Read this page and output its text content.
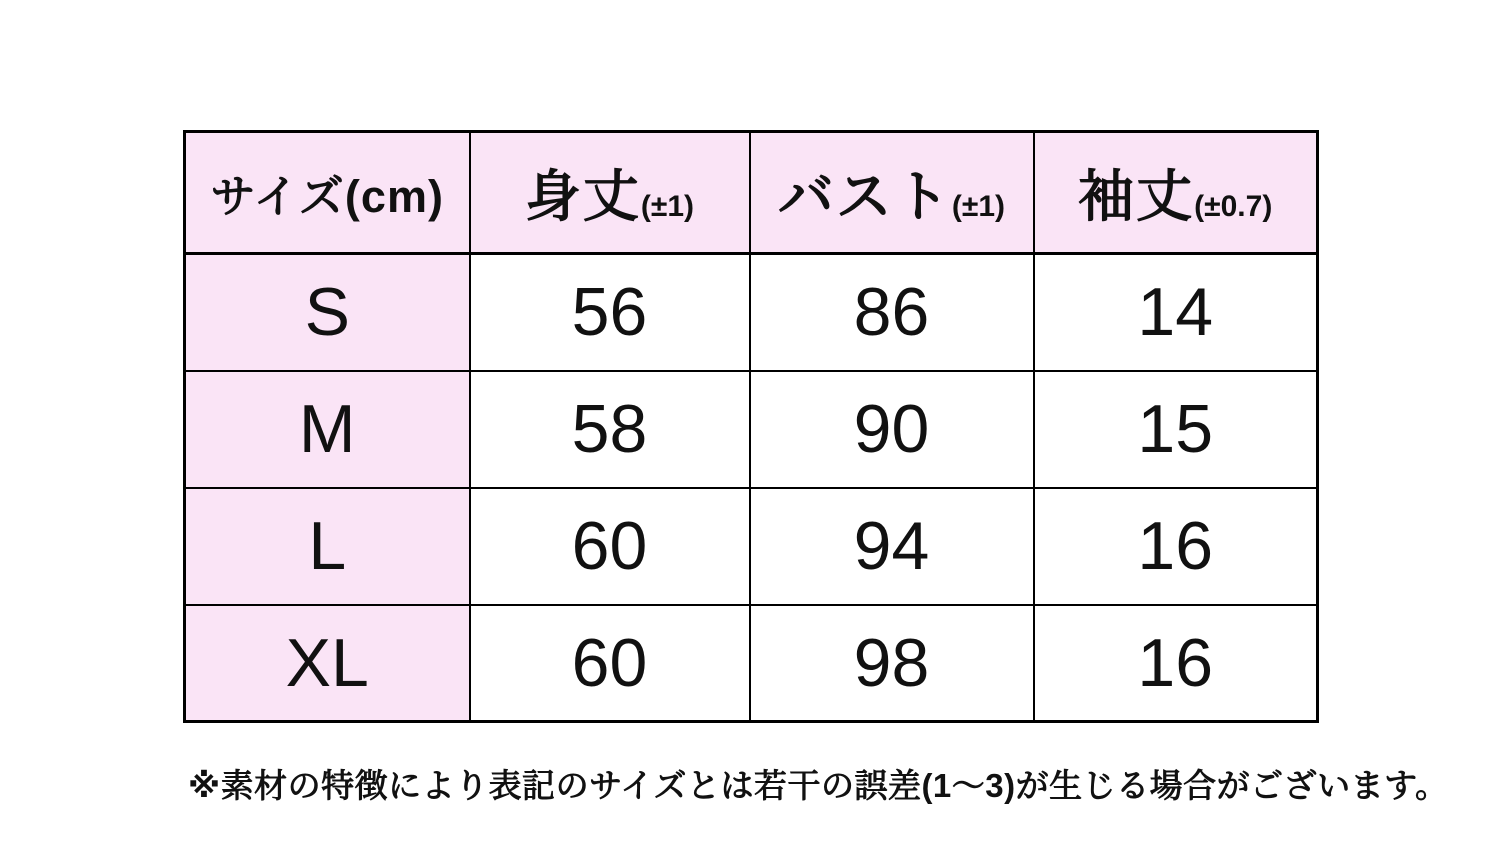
サイズ(cm)	身丈(±1)	バスト(±1)	袖丈(±0.7)
S	56	86	14
M	58	90	15
L	60	94	16
XL	60	98	16
※素材の特徴により表記のサイズとは若干の誤差(1～3)が生じる場合がございます。
